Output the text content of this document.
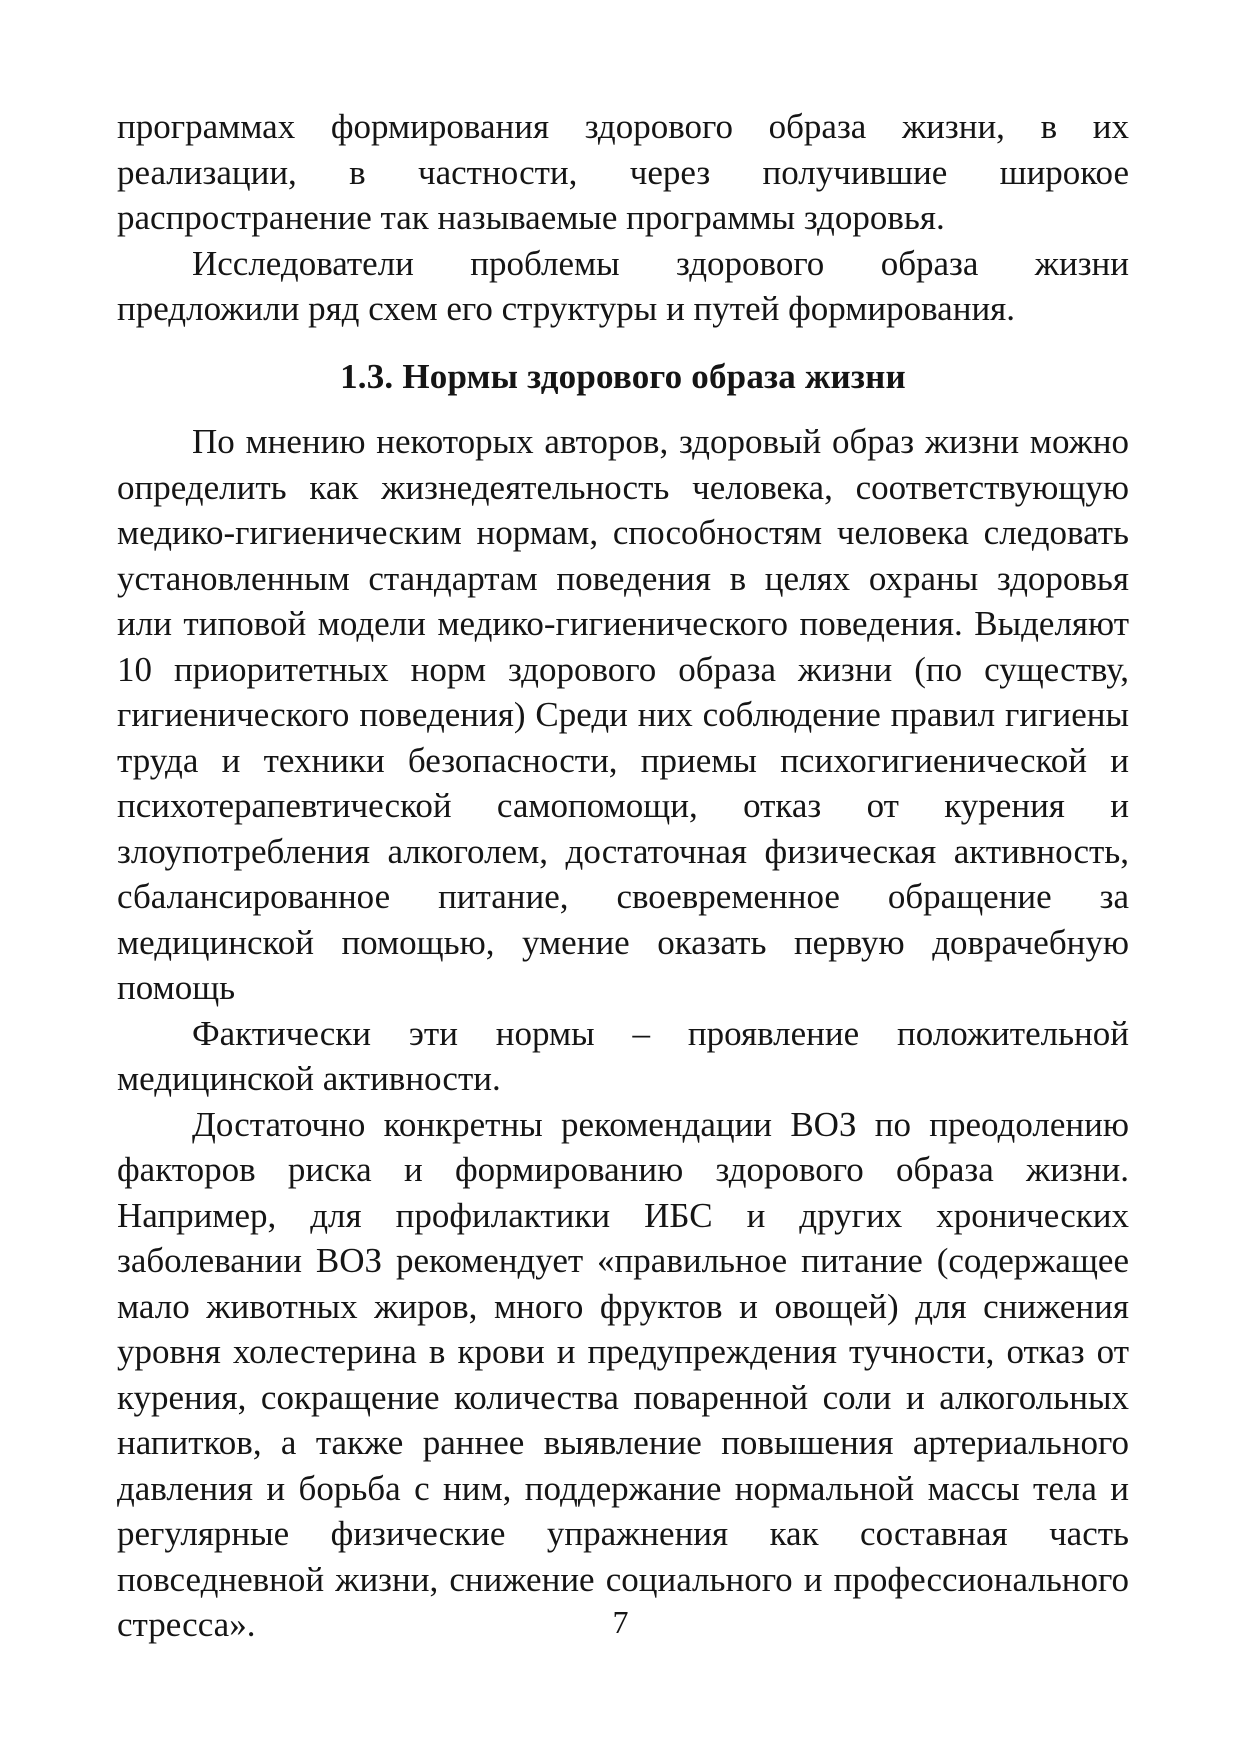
программах формирования здорового образа жизни, в их реализации, в частности, через получившие широкое распространение так называемые программы здоровья.

Исследователи проблемы здорового образа жизни предложили ряд схем его структуры и путей формирования.

1.3. Нормы здорового образа жизни

По мнению некоторых авторов, здоровый образ жизни можно определить как жизнедеятельность человека, соответствующую медико-гигиеническим нормам, способностям человека следовать установленным стандартам поведения в целях охраны здоровья или типовой модели медико-гигиенического поведения. Выделяют 10 приоритетных норм здорового образа жизни (по существу, гигиенического поведения) Среди них соблюдение правил гигиены труда и техники безопасности, приемы психогигиенической и психотерапевтической самопомощи, отказ от курения и злоупотребления алкоголем, достаточная физическая активность, сбалансированное питание, своевременное обращение за медицинской помощью, умение оказать первую доврачебную помощь

Фактически эти нормы – проявление положительной медицинской активности.

Достаточно конкретны рекомендации ВОЗ по преодолению факторов риска и формированию здорового образа жизни. Например, для профилактики ИБС и других хронических заболевании ВОЗ рекомендует «правильное питание (содержащее мало животных жиров, много фруктов и овощей) для снижения уровня холестерина в крови и предупреждения тучности, отказ от курения, сокращение количества поваренной соли и алкогольных напитков, а также раннее выявление повышения артериального давления и борьба с ним, поддержание нормальной массы тела и регулярные физические упражнения как составная часть повседневной жизни, снижение социального и профессионального стресса».	7
